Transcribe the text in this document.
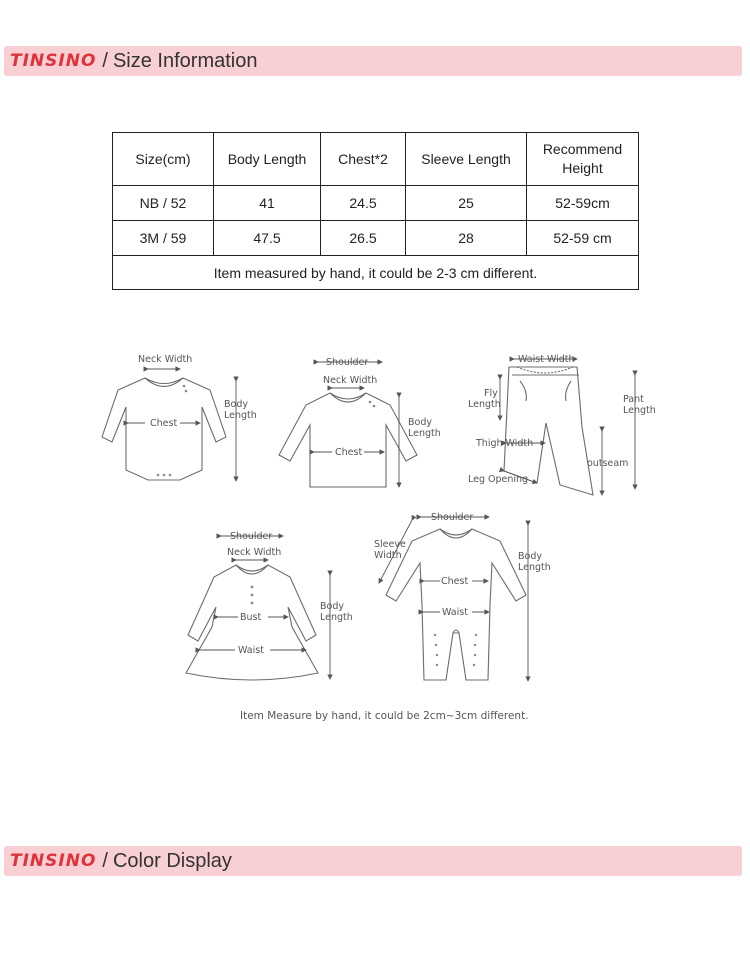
TINSINO / Size Information
Size(cm)	Body Length	Chest*2	Sleeve Length	Recommend Height
NB / 52	41	24.5	25	52-59cm
3M / 59	47.5	26.5	28	52-59 cm
Item measured by hand, it could be 2-3 cm different.				
Neck Width
Chest
Body
Length
Shoulder
Neck Width
Chest
Body
Length
Waist Width
Fly
Length	Pant
Length
Thigh Width
outseam
Leg Opening
Shoulder
Neck Width
Bust
Waist
Body
Length
Shoulder
Sleeve
Width
Chest
Waist
Body
Length
Item Measure by hand, it could be 2cm~3cm different.
TINSINO / Color Display
